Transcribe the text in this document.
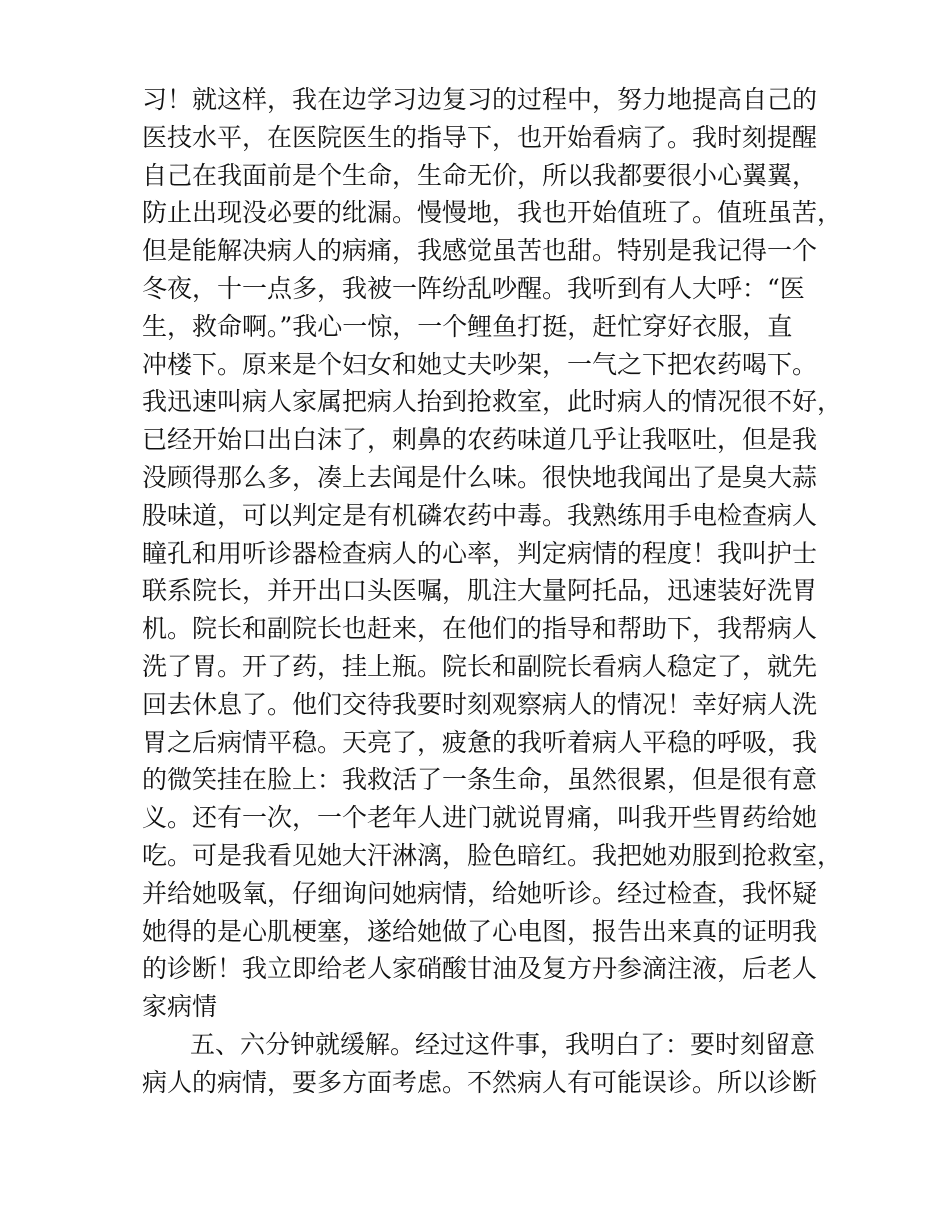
习！就这样，我在边学习边复习的过程中，努力地提高自己的
医技水平，在医院医生的指导下，也开始看病了。我时刻提醒
自己在我面前是个生命，生命无价，所以我都要很小心翼翼，
防止出现没必要的纰漏。慢慢地，我也开始值班了。值班虽苦，
但是能解决病人的病痛，我感觉虽苦也甜。特别是我记得一个
冬夜，十一点多，我被一阵纷乱吵醒。我听到有人大呼：“医
生，救命啊。”我心一惊，一个鲤鱼打挺，赶忙穿好衣服，直
冲楼下。原来是个妇女和她丈夫吵架，一气之下把农药喝下。
我迅速叫病人家属把病人抬到抢救室，此时病人的情况很不好，
已经开始口出白沫了，刺鼻的农药味道几乎让我呕吐，但是我
没顾得那么多，凑上去闻是什么味。很快地我闻出了是臭大蒜
股味道，可以判定是有机磷农药中毒。我熟练用手电检查病人
瞳孔和用听诊器检查病人的心率，判定病情的程度！我叫护士
联系院长，并开出口头医嘱，肌注大量阿托品，迅速装好洗胃
机。院长和副院长也赶来，在他们的指导和帮助下，我帮病人
洗了胃。开了药，挂上瓶。院长和副院长看病人稳定了，就先
回去休息了。他们交待我要时刻观察病人的情况！幸好病人洗
胃之后病情平稳。天亮了，疲惫的我听着病人平稳的呼吸，我
的微笑挂在脸上：我救活了一条生命，虽然很累，但是很有意
义。还有一次，一个老年人进门就说胃痛，叫我开些胃药给她
吃。可是我看见她大汗淋漓，脸色暗红。我把她劝服到抢救室，
并给她吸氧，仔细询问她病情，给她听诊。经过检查，我怀疑
她得的是心肌梗塞，遂给她做了心电图，报告出来真的证明我
的诊断！我立即给老人家硝酸甘油及复方丹参滴注液，后老人
家病情
五、六分钟就缓解。经过这件事，我明白了：要时刻留意
病人的病情，要多方面考虑。不然病人有可能误诊。所以诊断
